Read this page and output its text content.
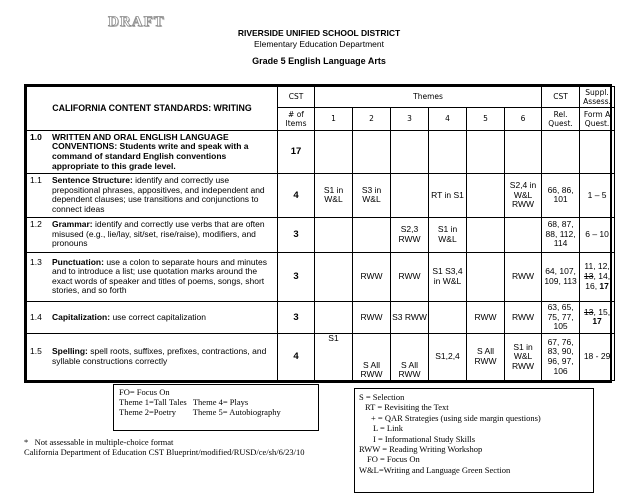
DRAFT
RIVERSIDE UNIFIED SCHOOL DISTRICT
Elementary Education Department
Grade 5 English Language Arts
CALIFORNIA CONTENT STANDARDS: WRITING	CST	Themes						CST	Suppl. Assess.
	# of Items	1	2	3	4	5	6	Rel. Quest.	Form A Quest.
1.0 WRITTEN AND ORAL ENGLISH LANGUAGE CONVENTIONS: Students write and speak with a command of standard English conventions appropriate to this grade level.	17								
1.1 Sentence Structure: identify and correctly use prepositional phrases, appositives, and independent and dependent clauses; use transitions and conjunctions to connect ideas	4	S1 in W&L	S3 in W&L		RT in S1		S2,4 in W&L RWW	66, 86, 101	1 – 5
1.2 Grammar: identify and correctly use verbs that are often misused (e.g., lie/lay, sit/set, rise/raise), modifiers, and pronouns	3			S2,3 RWW	S1 in W&L			68, 87, 88, 112, 114	6 – 10
1.3 Punctuation: use a colon to separate hours and minutes and to introduce a list; use quotation marks around the exact words of speaker and titles of poems, songs, short stories, and so forth	3		RWW	RWW	S1 S3,4 in W&L		RWW	64, 107, 109, 113	11, 12, 13, 14, 16, 17
1.4 Capitalization: use correct capitalization	3		RWW	S3 RWW		RWW	RWW	63, 65, 75, 77, 105	13, 15, 17
1.5 Spelling: spell roots, suffixes, prefixes, contractions, and syllable constructions correctly	4	S1	S All RWW	S All RWW	S1,2,4	S All RWW	S1 in W&L RWW	67, 76, 83, 90, 96, 97, 106	18 - 29
FO= Focus On
Theme 1=Tall Tales   Theme 4= Plays
Theme 2=Poetry        Theme 5= Autobiography
*   Not assessable in multiple-choice format
California Department of Education CST Blueprint/modified/RUSD/ce/sh/6/23/10
S = Selection
RT = Revisiting the Text
+ = QAR Strategies (using side margin questions)
L = Link
I = Informational Study Skills
RWW = Reading Writing Workshop
FO = Focus On
W&L=Writing and Language Green Section
